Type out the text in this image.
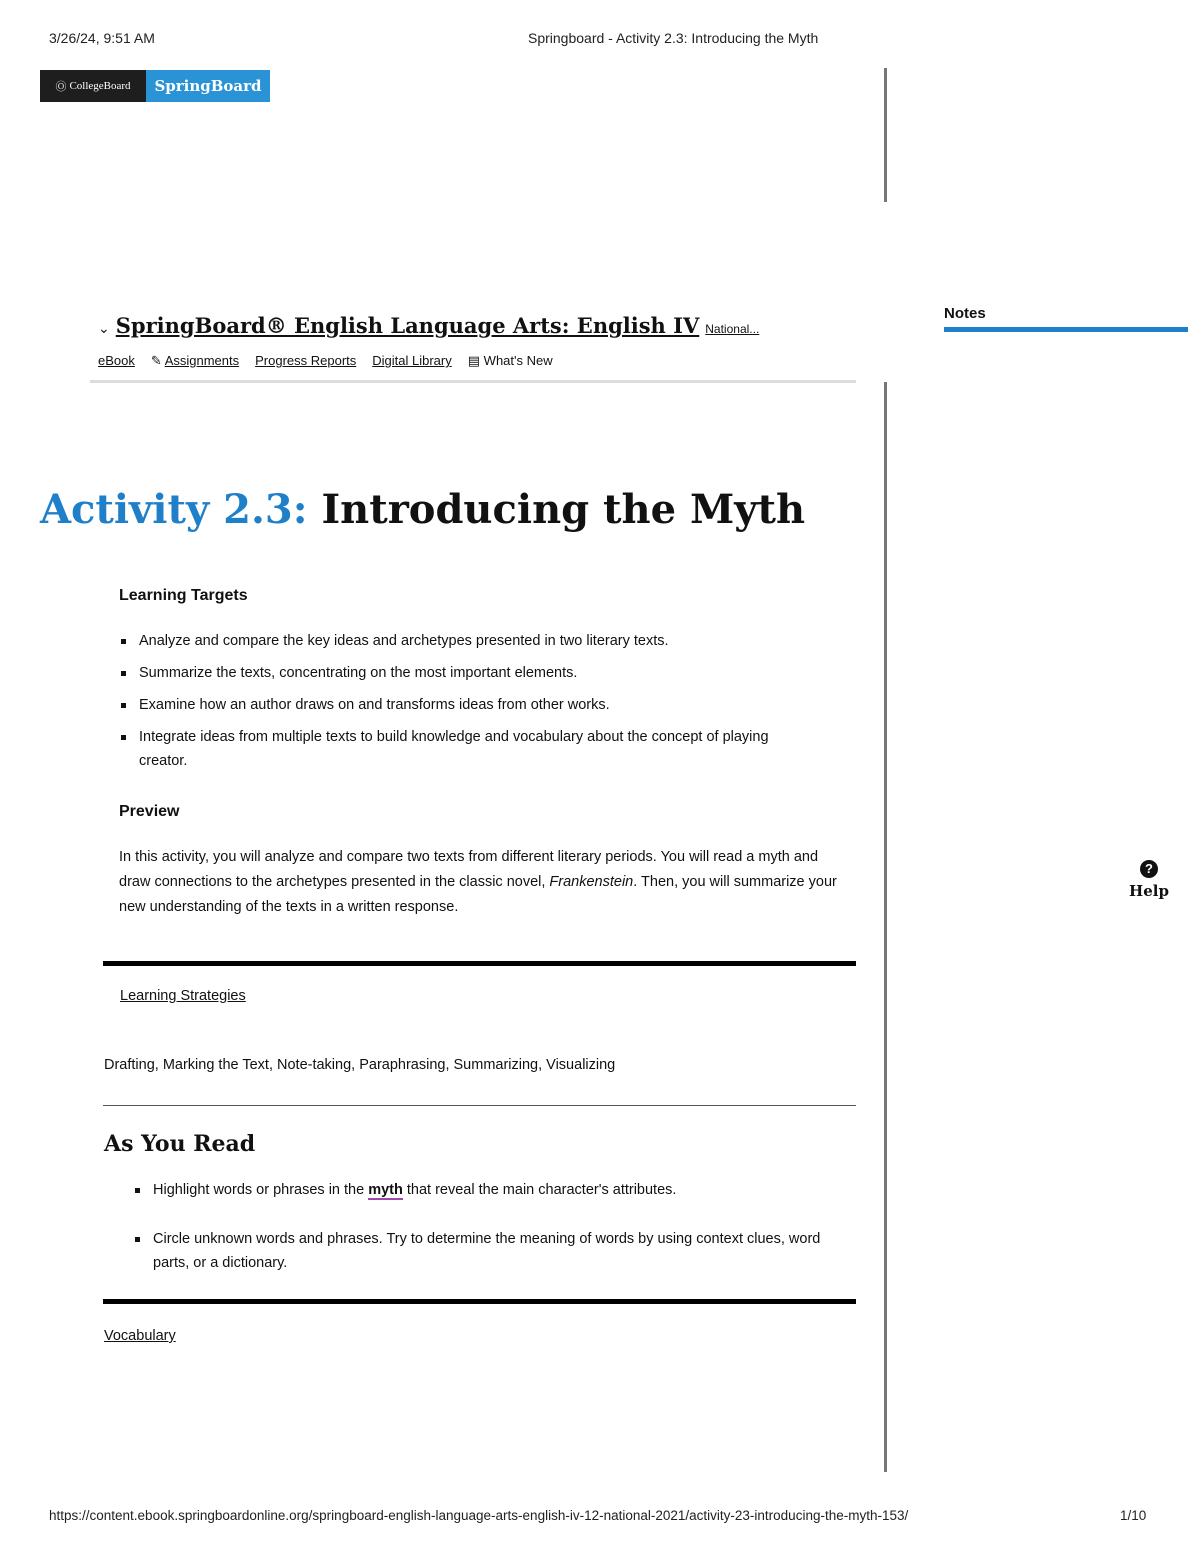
3/26/24, 9:51 AM	Springboard - Activity 2.3: Introducing the Myth
Ⓞ CollegeBoard	SpringBoard
⌄ SpringBoard® English Language Arts: English IV National...
eBook ✎ Assignments Progress Reports Digital Library ▤ What's New
Notes
Activity 2.3: Introducing the Myth
Learning Targets
Analyze and compare the key ideas and archetypes presented in two literary texts.
Summarize the texts, concentrating on the most important elements.
Examine how an author draws on and transforms ideas from other works.
Integrate ideas from multiple texts to build knowledge and vocabulary about the concept of playing creator.
Preview
In this activity, you will analyze and compare two texts from different literary periods. You will read a myth and draw connections to the archetypes presented in the classic novel, Frankenstein. Then, you will summarize your new understanding of the texts in a written response.
Learning Strategies
Drafting, Marking the Text, Note-taking, Paraphrasing, Summarizing, Visualizing
As You Read
Highlight words or phrases in the myth that reveal the main character's attributes.
Circle unknown words and phrases. Try to determine the meaning of words by using context clues, word parts, or a dictionary.
Vocabulary
?
Help
https://content.ebook.springboardonline.org/springboard-english-language-arts-english-iv-12-national-2021/activity-23-introducing-the-myth-153/	1/10
